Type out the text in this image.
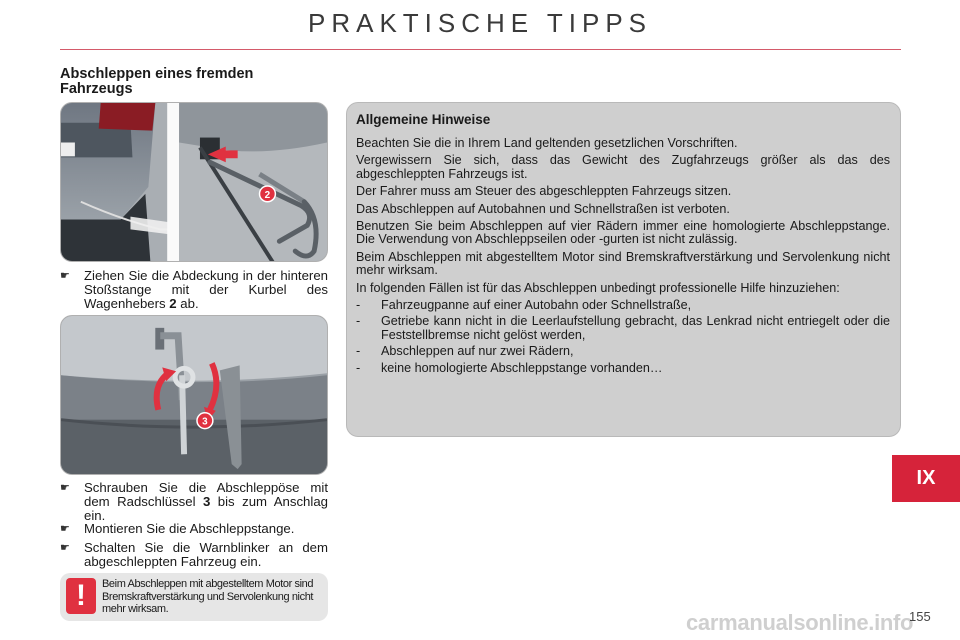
PRAKTISCHE TIPPS
Abschleppen eines fremden Fahrzeugs
2
☛	Ziehen Sie die Abdeckung in der hinteren Stoßstange mit der Kurbel des Wagenhebers 2 ab.
3
☛	Schrauben Sie die Abschleppöse mit dem Radschlüssel 3 bis zum Anschlag ein.
☛	Montieren Sie die Abschleppstange.
☛	Schalten Sie die Warnblinker an dem abgeschleppten Fahrzeug ein.
!	Beim Abschleppen mit abgestelltem Motor sind Bremskraftverstärkung und Servolenkung nicht mehr wirksam.
Allgemeine Hinweise

Beachten Sie die in Ihrem Land geltenden gesetzlichen Vorschriften.

Vergewissern Sie sich, dass das Gewicht des Zugfahrzeugs größer als das des abgeschleppten Fahrzeugs ist.

Der Fahrer muss am Steuer des abgeschleppten Fahrzeugs sitzen.

Das Abschleppen auf Autobahnen und Schnellstraßen ist verboten.

Benutzen Sie beim Abschleppen auf vier Rädern immer eine homologierte Abschleppstange. Die Verwendung von Abschleppseilen oder -gurten ist nicht zulässig.

Beim Abschleppen mit abgestelltem Motor sind Bremskraftverstärkung und Servolenkung nicht mehr wirksam.

In folgenden Fällen ist für das Abschleppen unbedingt professionelle Hilfe hinzuziehen:

- Fahrzeugpanne auf einer Autobahn oder Schnellstraße,
- Getriebe kann nicht in die Leerlaufstellung gebracht, das Lenkrad nicht entriegelt oder die Feststellbremse nicht gelöst werden,
- Abschleppen auf nur zwei Rädern,
- keine homologierte Abschleppstange vorhanden…
IX
carmanualsonline.info
155
